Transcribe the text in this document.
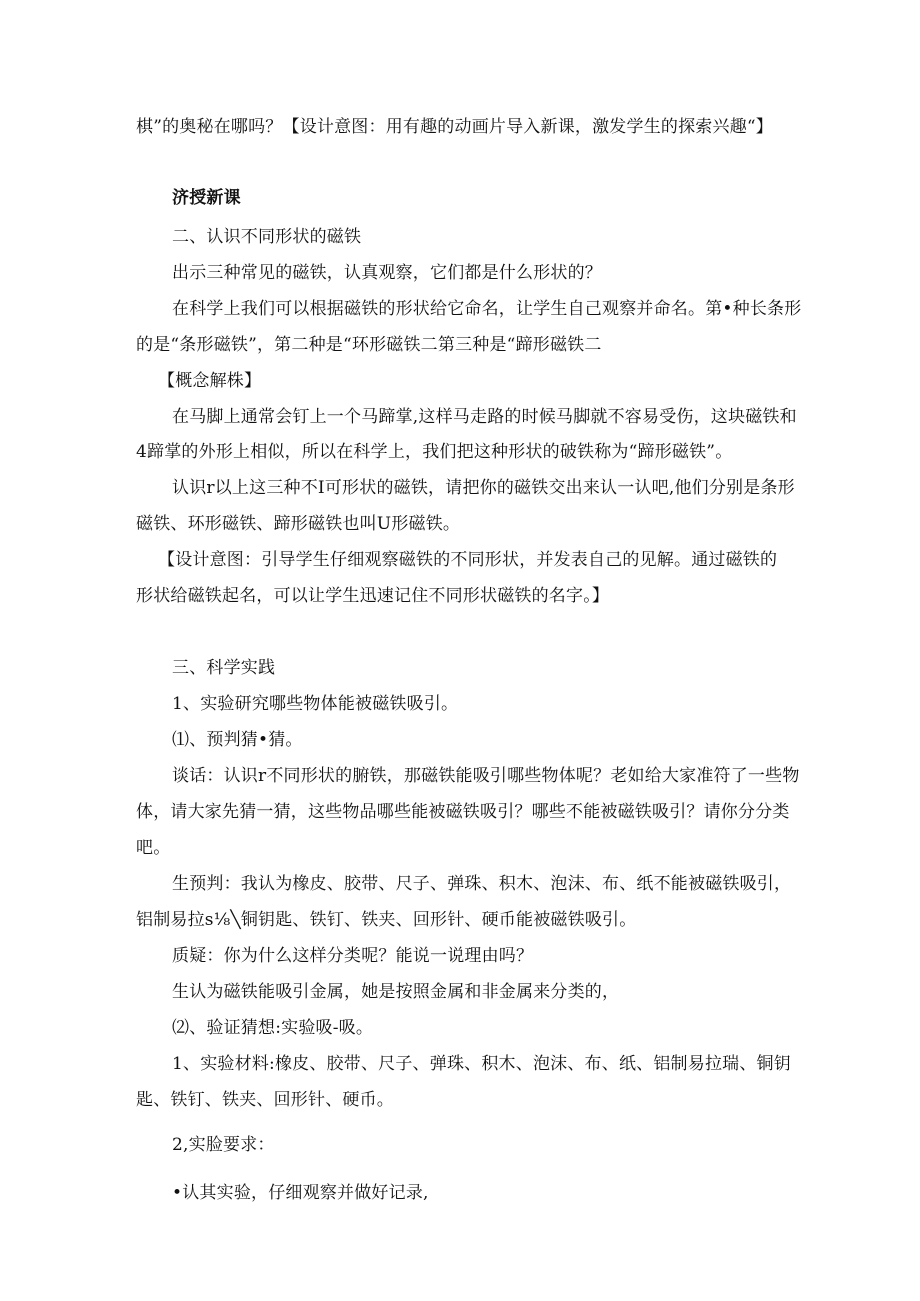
棋”的奥秘在哪吗？【设计意图：用有趣的动画片导入新课，激发学生的探索兴趣“】
济授新课
二、认识不同形状的磁铁
出示三种常见的磁铁，认真观察，它们都是什么形状的？
在科学上我们可以根据磁铁的形状给它命名，让学生自己观察并命名。第•种长条形
的是“条形磁铁”，第二种是“环形磁铁二第三种是“蹄形磁铁二
【概念解株】
在马脚上通常会钉上一个马蹄掌,这样马走路的时候马脚就不容易受伤，这块磁铁和
4蹄掌的外形上相似，所以在科学上，我们把这种形状的破铁称为“蹄形磁铁”。
认识r以上这三种不I可形状的磁铁，请把你的磁铁交出来认一认吧,他们分别是条形
磁铁、环形磁铁、蹄形磁铁也叫U形磁铁。
【设计意图：引导学生仔细观察磁铁的不同形状，并发表自己的见解。通过磁铁的
形状给磁铁起名，可以让学生迅速记住不同形状磁铁的名字。】
三、科学实践
1、实验研究哪些物体能被磁铁吸引。
⑴、预判猜•猜。
谈话：认识r不同形状的腑铁，那磁铁能吸引哪些物体呢？老如给大家准符了一些物
体，请大家先猜一猜，这些物品哪些能被磁铁吸引？哪些不能被磁铁吸引？请你分分类
吧。
生预判：我认为橡皮、胶带、尺子、弹珠、积木、泡沫、布、纸不能被磁铁吸引，
铝制易拉s⅛╲铜钥匙、铁钉、铁夹、回形针、硬币能被磁铁吸引。
质疑：你为什么这样分类呢？能说一说理由吗？
生认为磁铁能吸引金属，她是按照金属和非金属来分类的，
⑵、验证猜想:实验吸-吸。
1、实验材料:橡皮、胶带、尺子、弹珠、积木、泡沫、布、纸、铝制易拉瑞、铜钥
匙、铁钉、铁夹、回形针、硬币。
2,实脸要求：
•认其实验，仔细观察并做好记录,
